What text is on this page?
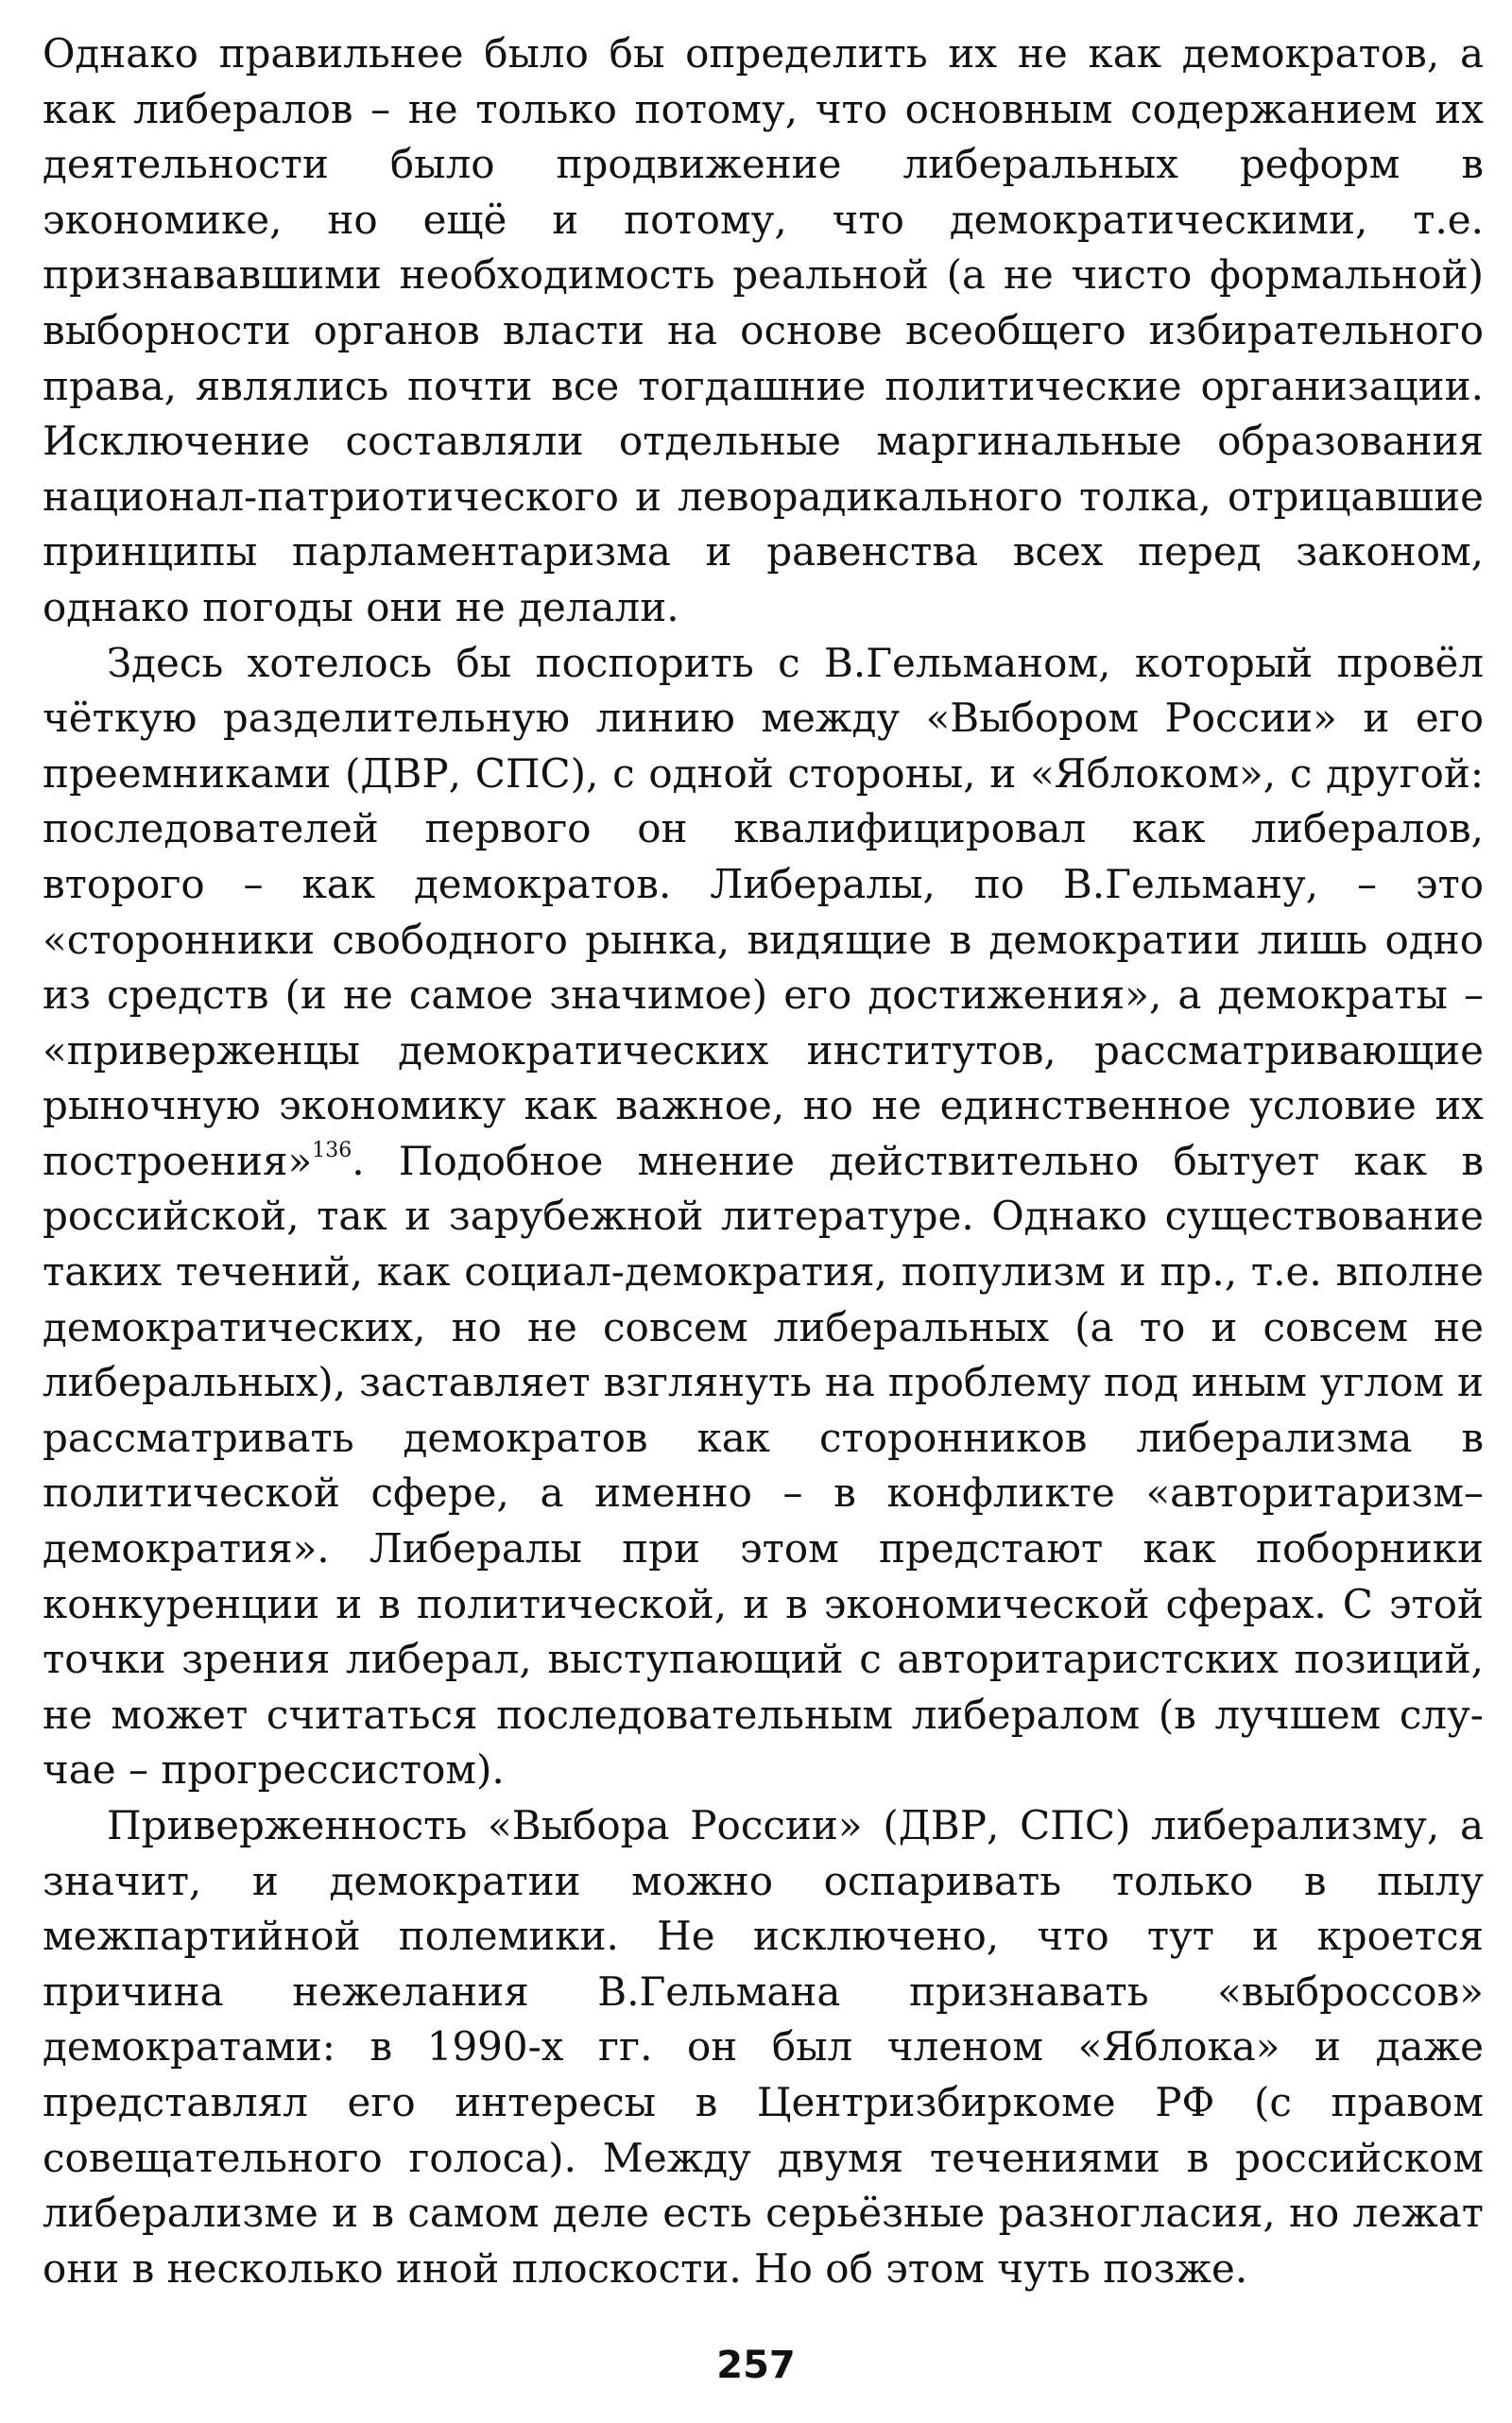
Однако правильнее было бы определить их не как демократов, а как либералов – не только потому, что основным содержанием их деятельности было продвижение либеральных реформ в экономике, но ещё и потому, что демократическими, т.е. признававшими необходимость реальной (а не чисто формальной) выборности органов власти на основе всеобщего избирательного права, являлись почти все тогдашние политические организации. Исключение составляли отдельные маргинальные образования национал-патриотического и леворадикального толка, отрицавшие принципы парламентаризма и равенства всех перед законом, однако погоды они не делали.

Здесь хотелось бы поспорить с В.Гельманом, который провёл чёткую разделительную линию между «Выбором России» и его преемниками (ДВР, СПС), с одной стороны, и «Яблоком», с другой: последователей первого он квалифицировал как либералов, второго – как демократов. Либералы, по В.Гельману, – это «сторонники свободного рынка, видящие в демократии лишь одно из средств (и не самое значимое) его достижения», а демократы – «приверженцы демократических институтов, рассматривающие рыночную экономику как важное, но не единственное условие их построения»$^{136}$. Подобное мнение действительно бытует как в российской, так и зарубежной литературе. Однако существование таких течений, как социал-демократия, популизм и пр., т.е. вполне демократических, но не совсем либеральных (а то и совсем не либеральных), заставляет взглянуть на проблему под иным углом и рассматривать демократов как сторонников либерализма в политической сфере, а именно – в конфликте «авторитаризм–демократия». Либералы при этом предстают как поборники конкуренции и в политической, и в экономической сферах. С этой точки зрения либерал, выступающий с авторитаристских позиций, не может считаться последовательным либералом (в лучшем случае – прогрессистом).

Приверженность «Выбора России» (ДВР, СПС) либерализму, а значит, и демократии можно оспаривать только в пылу межпартийной полемики. Не исключено, что тут и кроется причина нежелания В.Гельмана признавать «выброссов» демократами: в 1990-х гг. он был членом «Яблока» и даже представлял его интересы в Центризбиркоме РФ (с правом совещательного голоса). Между двумя течениями в российском либерализме и в самом деле есть серьёзные разногласия, но лежат они в несколько иной плоскости. Но об этом чуть позже.

257
